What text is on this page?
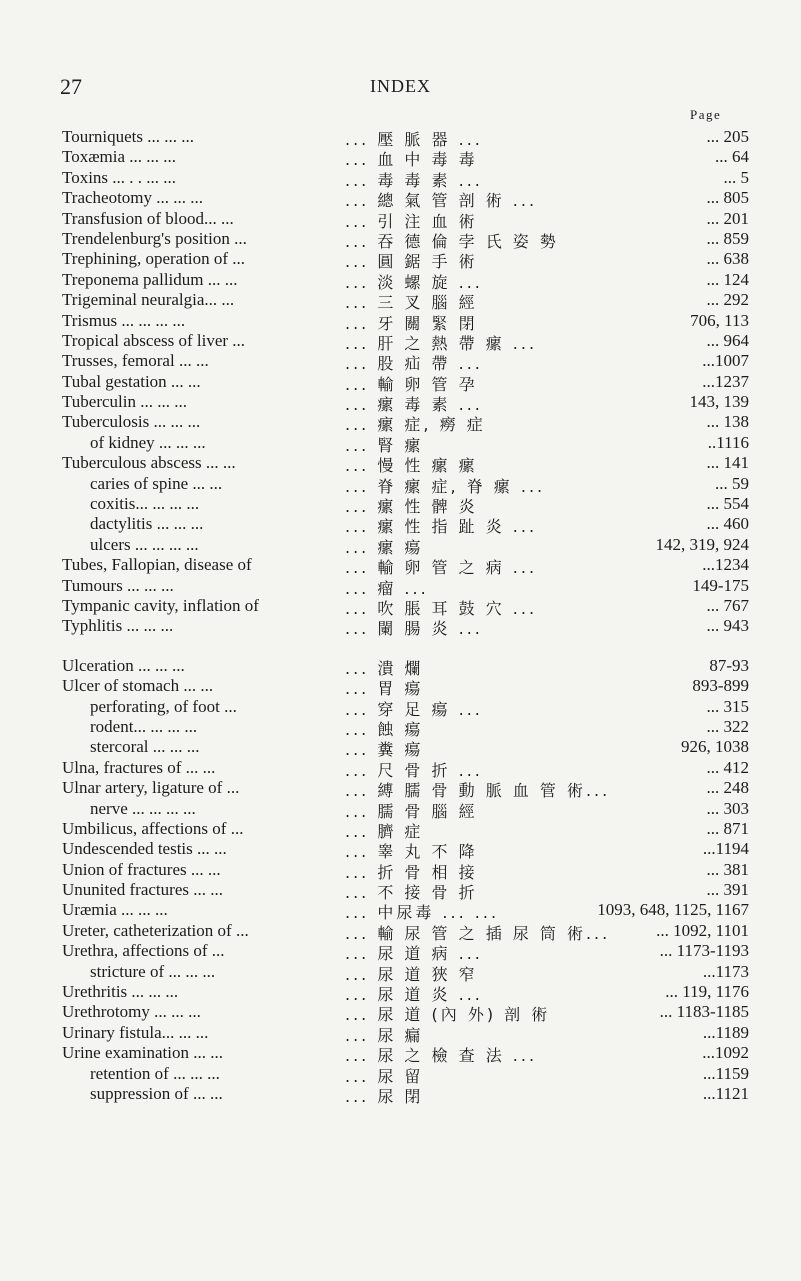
27	INDEX
Page
Tourniquets ... ... ...	... 壓 脈 器 ...	... 205
Toxæmia ... ... ...	... 血 中 毒 毒	... 64
Toxins ... . . ... ...	... 毒 毒 素 ...	... 5
Tracheotomy ... ... ...	... 總 氣 管 剖 術 ...	... 805
Transfusion of blood... ...	... 引 注 血 術	... 201
Trendelenburg's position ...	... 吞 德 倫 孛 氏 姿 勢	... 859
Trephining, operation of ...	... 圓 鋸 手 術	... 638
Treponema pallidum ... ...	... 淡 螺 旋 ...	... 124
Trigeminal neuralgia... ...	... 三 叉 腦 經	... 292
Trismus ... ... ... ...	... 牙 關 緊 閉	706, 113
Tropical abscess of liver ...	... 肝 之 熱 帶 瘰 ...	... 964
Trusses, femoral ... ...	... 股 疝 帶 ...	...1007
Tubal gestation ... ...	... 輸 卵 管 孕	...1237
Tuberculin ... ... ...	... 瘰 毒 素 ...	143, 139
Tuberculosis ... ... ...	... 瘰 症, 癆 症	... 138
of kidney ... ... ...	... 腎 瘰	..1116
Tuberculous abscess ... ...	... 慢 性 瘰 瘰	... 141
caries of spine ... ...	... 脊 瘰 症, 脊 瘰 ...	... 59
coxitis... ... ... ...	... 瘰 性 髀 炎	... 554
dactylitis ... ... ...	... 瘰 性 指 趾 炎 ...	... 460
ulcers ... ... ... ...	... 瘰 瘍	142, 319, 924
Tubes, Fallopian, disease of	... 輸 卵 管 之 病 ...	...1234
Tumours ... ... ...	... 瘤 ...	149-175
Tympanic cavity, inflation of	... 吹 脹 耳 鼓 穴 ...	... 767
Typhlitis ... ... ...	... 闌 腸 炎 ...	... 943
Ulceration ... ... ...	... 潰 爛	87-93
Ulcer of stomach ... ...	... 胃 瘍	893-899
perforating, of foot ...	... 穿 足 瘍 ...	... 315
rodent... ... ... ...	... 蝕 瘍	... 322
stercoral ... ... ...	... 糞 瘍	926, 1038
Ulna, fractures of ... ...	... 尺 骨 折 ...	... 412
Ulnar artery, ligature of ...	... 縛 臑 骨 動 脈 血 管 術...	... 248
nerve ... ... ... ...	... 臑 骨 腦 經	... 303
Umbilicus, affections of ...	... 臍 症	... 871
Undescended testis ... ...	... 睾 丸 不 降	...1194
Union of fractures ... ...	... 折 骨 相 接	... 381
Ununited fractures ... ...	... 不 接 骨 折	... 391
Uræmia ... ... ...	... 中尿毒 ... ...	1093, 648, 1125, 1167
Ureter, catheterization of ...	... 輸 尿 管 之 插 尿 筒 術...	... 1092, 1101
Urethra, affections of ...	... 尿 道 病 ...	... 1173-1193
stricture of ... ... ...	... 尿 道 狹 窄	...1173
Urethritis ... ... ...	... 尿 道 炎 ...	... 119, 1176
Urethrotomy ... ... ...	... 尿 道 (內 外) 剖 術	... 1183-1185
Urinary fistula... ... ...	... 尿 瘺	...1189
Urine examination ... ...	... 尿 之 檢 查 法 ...	...1092
retention of ... ... ...	... 尿 留	...1159
suppression of ... ...	... 尿 閉	...1121
